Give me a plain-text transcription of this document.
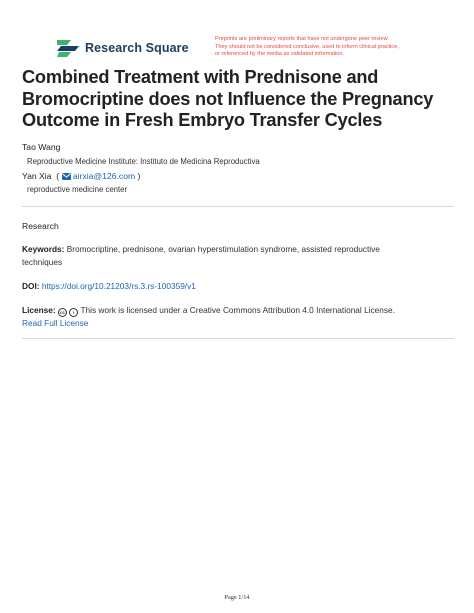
Research Square
Preprints are preliminary reports that have not undergone peer review.
They should not be considered conclusive, used to inform clinical practice,
or referenced by the media as validated information.
Combined Treatment with Prednisone and
Bromocriptine does not Influence the Pregnancy
Outcome in Fresh Embryo Transfer Cycles
Tao Wang
Reproductive Medicine Institute: Instituto de Medicina Reproductiva
Yan Xia ( airxia@126.com )
reproductive medicine center
Research
Keywords: Bromocriptine, prednisone, ovarian hyperstimulation syndrome, assisted reproductive
techniques
DOI: https://doi.org/10.21203/rs.3.rs-100359/v1
License: cc i This work is licensed under a Creative Commons Attribution 4.0 International License.
Read Full License
Page 1/14
